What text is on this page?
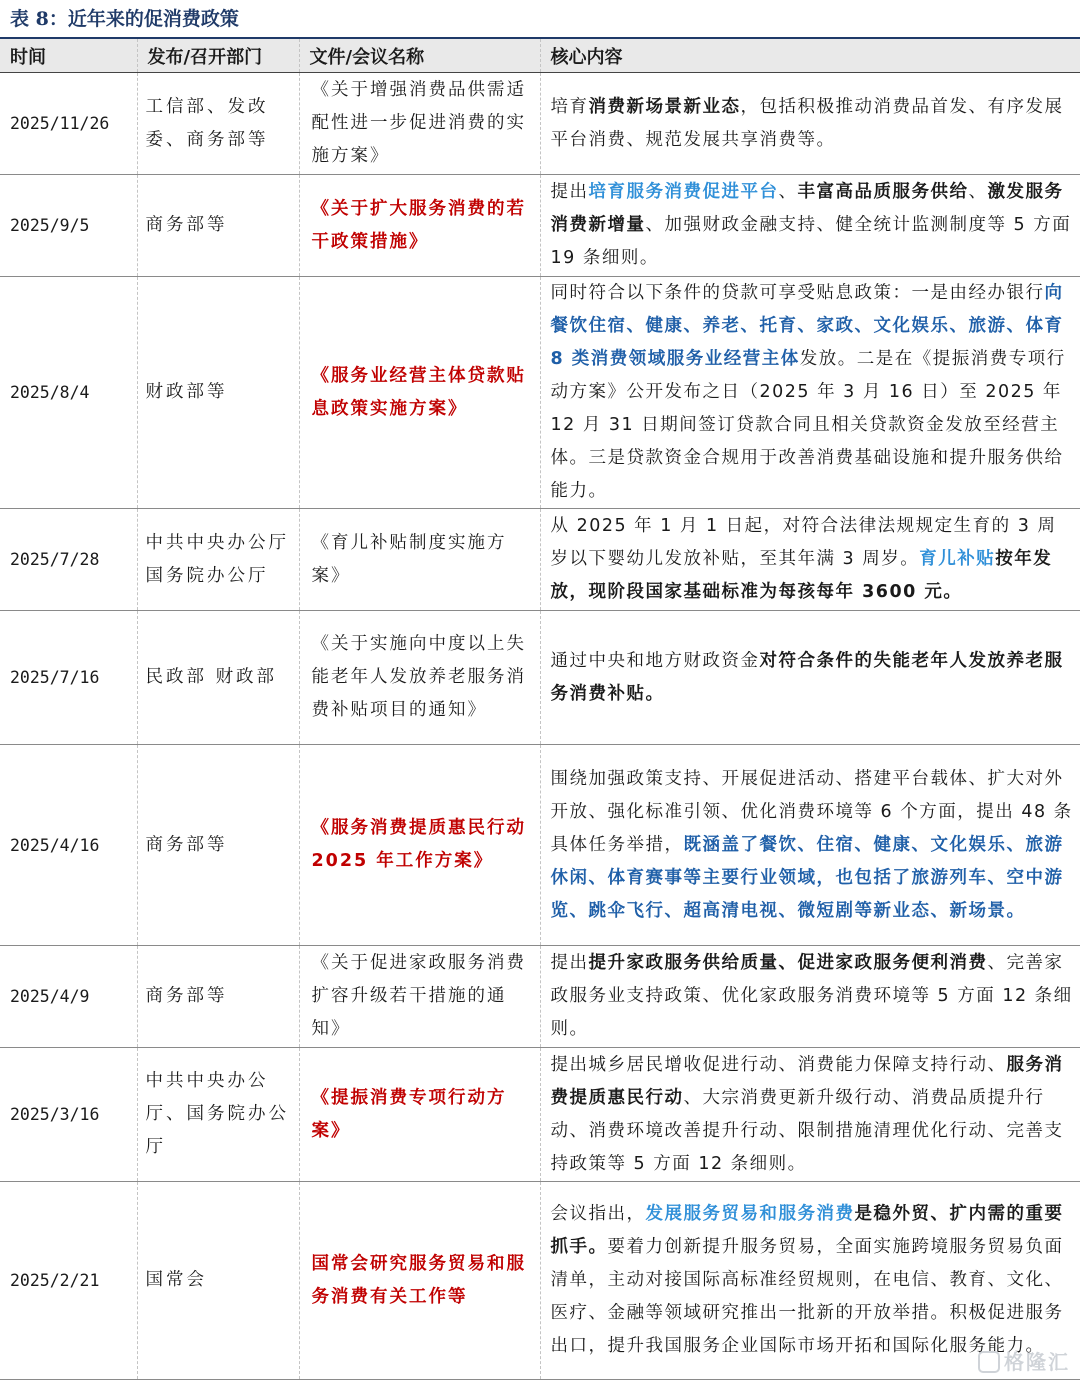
表 8：近年来的促消费政策
时间	发布/召开部门	文件/会议名称	核心内容
2025/11/26	工信部、发改委、商务部等	《关于增强消费品供需适配性进一步促进消费的实施方案》	培育消费新场景新业态，包括积极推动消费品首发、有序发展平台消费、规范发展共享消费等。
2025/9/5	商务部等	《关于扩大服务消费的若干政策措施》	提出培育服务消费促进平台、丰富高品质服务供给、激发服务消费新增量、加强财政金融支持、健全统计监测制度等 5 方面 19 条细则。
2025/8/4	财政部等	《服务业经营主体贷款贴息政策实施方案》	同时符合以下条件的贷款可享受贴息政策：一是由经办银行向餐饮住宿、健康、养老、托育、家政、文化娱乐、旅游、体育 8 类消费领域服务业经营主体发放。二是在《提振消费专项行动方案》公开发布之日（2025 年 3 月 16 日）至 2025 年 12 月 31 日期间签订贷款合同且相关贷款资金发放至经营主体。三是贷款资金合规用于改善消费基础设施和提升服务供给能力。
2025/7/28	中共中央办公厅 国务院办公厅	《育儿补贴制度实施方案》	从 2025 年 1 月 1 日起，对符合法律法规规定生育的 3 周岁以下婴幼儿发放补贴，至其年满 3 周岁。育儿补贴按年发放，现阶段国家基础标准为每孩每年 3600 元。
2025/7/16	民政部 财政部	《关于实施向中度以上失能老年人发放养老服务消费补贴项目的通知》	通过中央和地方财政资金对符合条件的失能老年人发放养老服务消费补贴。
2025/4/16	商务部等	《服务消费提质惠民行动 2025 年工作方案》	围绕加强政策支持、开展促进活动、搭建平台载体、扩大对外开放、强化标准引领、优化消费环境等 6 个方面，提出 48 条具体任务举措，既涵盖了餐饮、住宿、健康、文化娱乐、旅游休闲、体育赛事等主要行业领域，也包括了旅游列车、空中游览、跳伞飞行、超高清电视、微短剧等新业态、新场景。
2025/4/9	商务部等	《关于促进家政服务消费扩容升级若干措施的通知》	提出提升家政服务供给质量、促进家政服务便利消费、完善家政服务业支持政策、优化家政服务消费环境等 5 方面 12 条细则。
2025/3/16	中共中央办公厅、国务院办公厅	《提振消费专项行动方案》	提出城乡居民增收促进行动、消费能力保障支持行动、服务消费提质惠民行动、大宗消费更新升级行动、消费品质提升行动、消费环境改善提升行动、限制措施清理优化行动、完善支持政策等 5 方面 12 条细则。
2025/2/21	国常会	国常会研究服务贸易和服务消费有关工作等	会议指出，发展服务贸易和服务消费是稳外贸、扩内需的重要抓手。要着力创新提升服务贸易，全面实施跨境服务贸易负面清单，主动对接国际高标准经贸规则，在电信、教育、文化、医疗、金融等领域研究推出一批新的开放举措。积极促进服务出口，提升我国服务企业国际市场开拓和国际化服务能力。
格隆汇
